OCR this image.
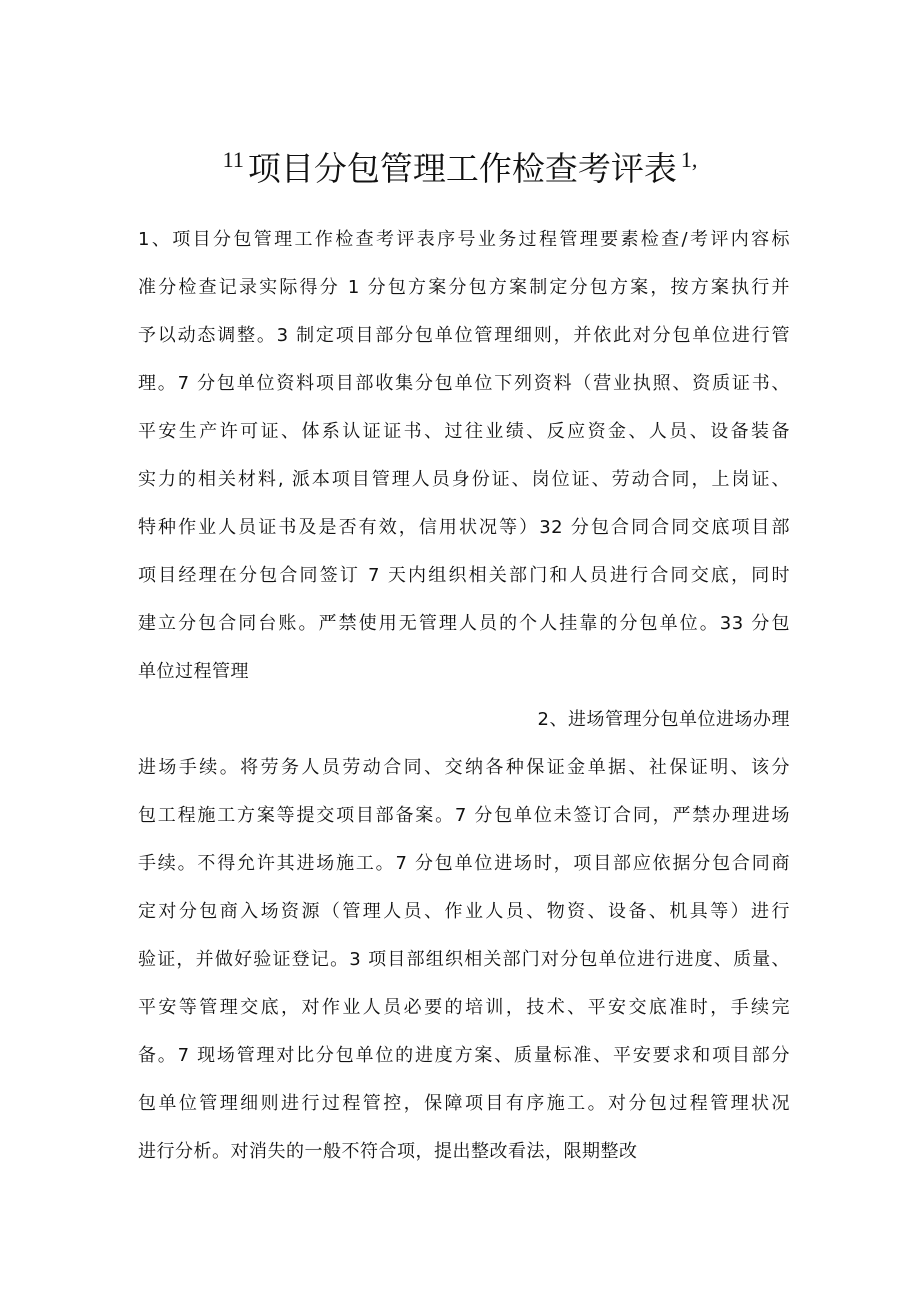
$^{11}$ 项目分包管理工作检查考评表 $^{1,}$
1、项目分包管理工作检查考评表序号业务过程管理要素检查/考评内容标
准分检查记录实际得分 1 分包方案分包方案制定分包方案，按方案执行并
予以动态调整。3 制定项目部分包单位管理细则，并依此对分包单位进行管
理。7 分包单位资料项目部收集分包单位下列资料（营业执照、资质证书、
平安生产许可证、体系认证证书、过往业绩、反应资金、人员、设备装备
实力的相关材料, 派本项目管理人员身份证、岗位证、劳动合同，上岗证、
特种作业人员证书及是否有效，信用状况等）32 分包合同合同交底项目部
项目经理在分包合同签订 7 天内组织相关部门和人员进行合同交底，同时
建立分包合同台账。严禁使用无管理人员的个人挂靠的分包单位。33 分包
单位过程管理
2、进场管理分包单位进场办理
进场手续。将劳务人员劳动合同、交纳各种保证金单据、社保证明、该分
包工程施工方案等提交项目部备案。7 分包单位未签订合同，严禁办理进场
手续。不得允许其进场施工。7 分包单位进场时，项目部应依据分包合同商
定对分包商入场资源（管理人员、作业人员、物资、设备、机具等）进行
验证，并做好验证登记。3 项目部组织相关部门对分包单位进行进度、质量、
平安等管理交底，对作业人员必要的培训，技术、平安交底准时，手续完
备。7 现场管理对比分包单位的进度方案、质量标准、平安要求和项目部分
包单位管理细则进行过程管控，保障项目有序施工。对分包过程管理状况
进行分析。对消失的一般不符合项，提出整改看法，限期整改
